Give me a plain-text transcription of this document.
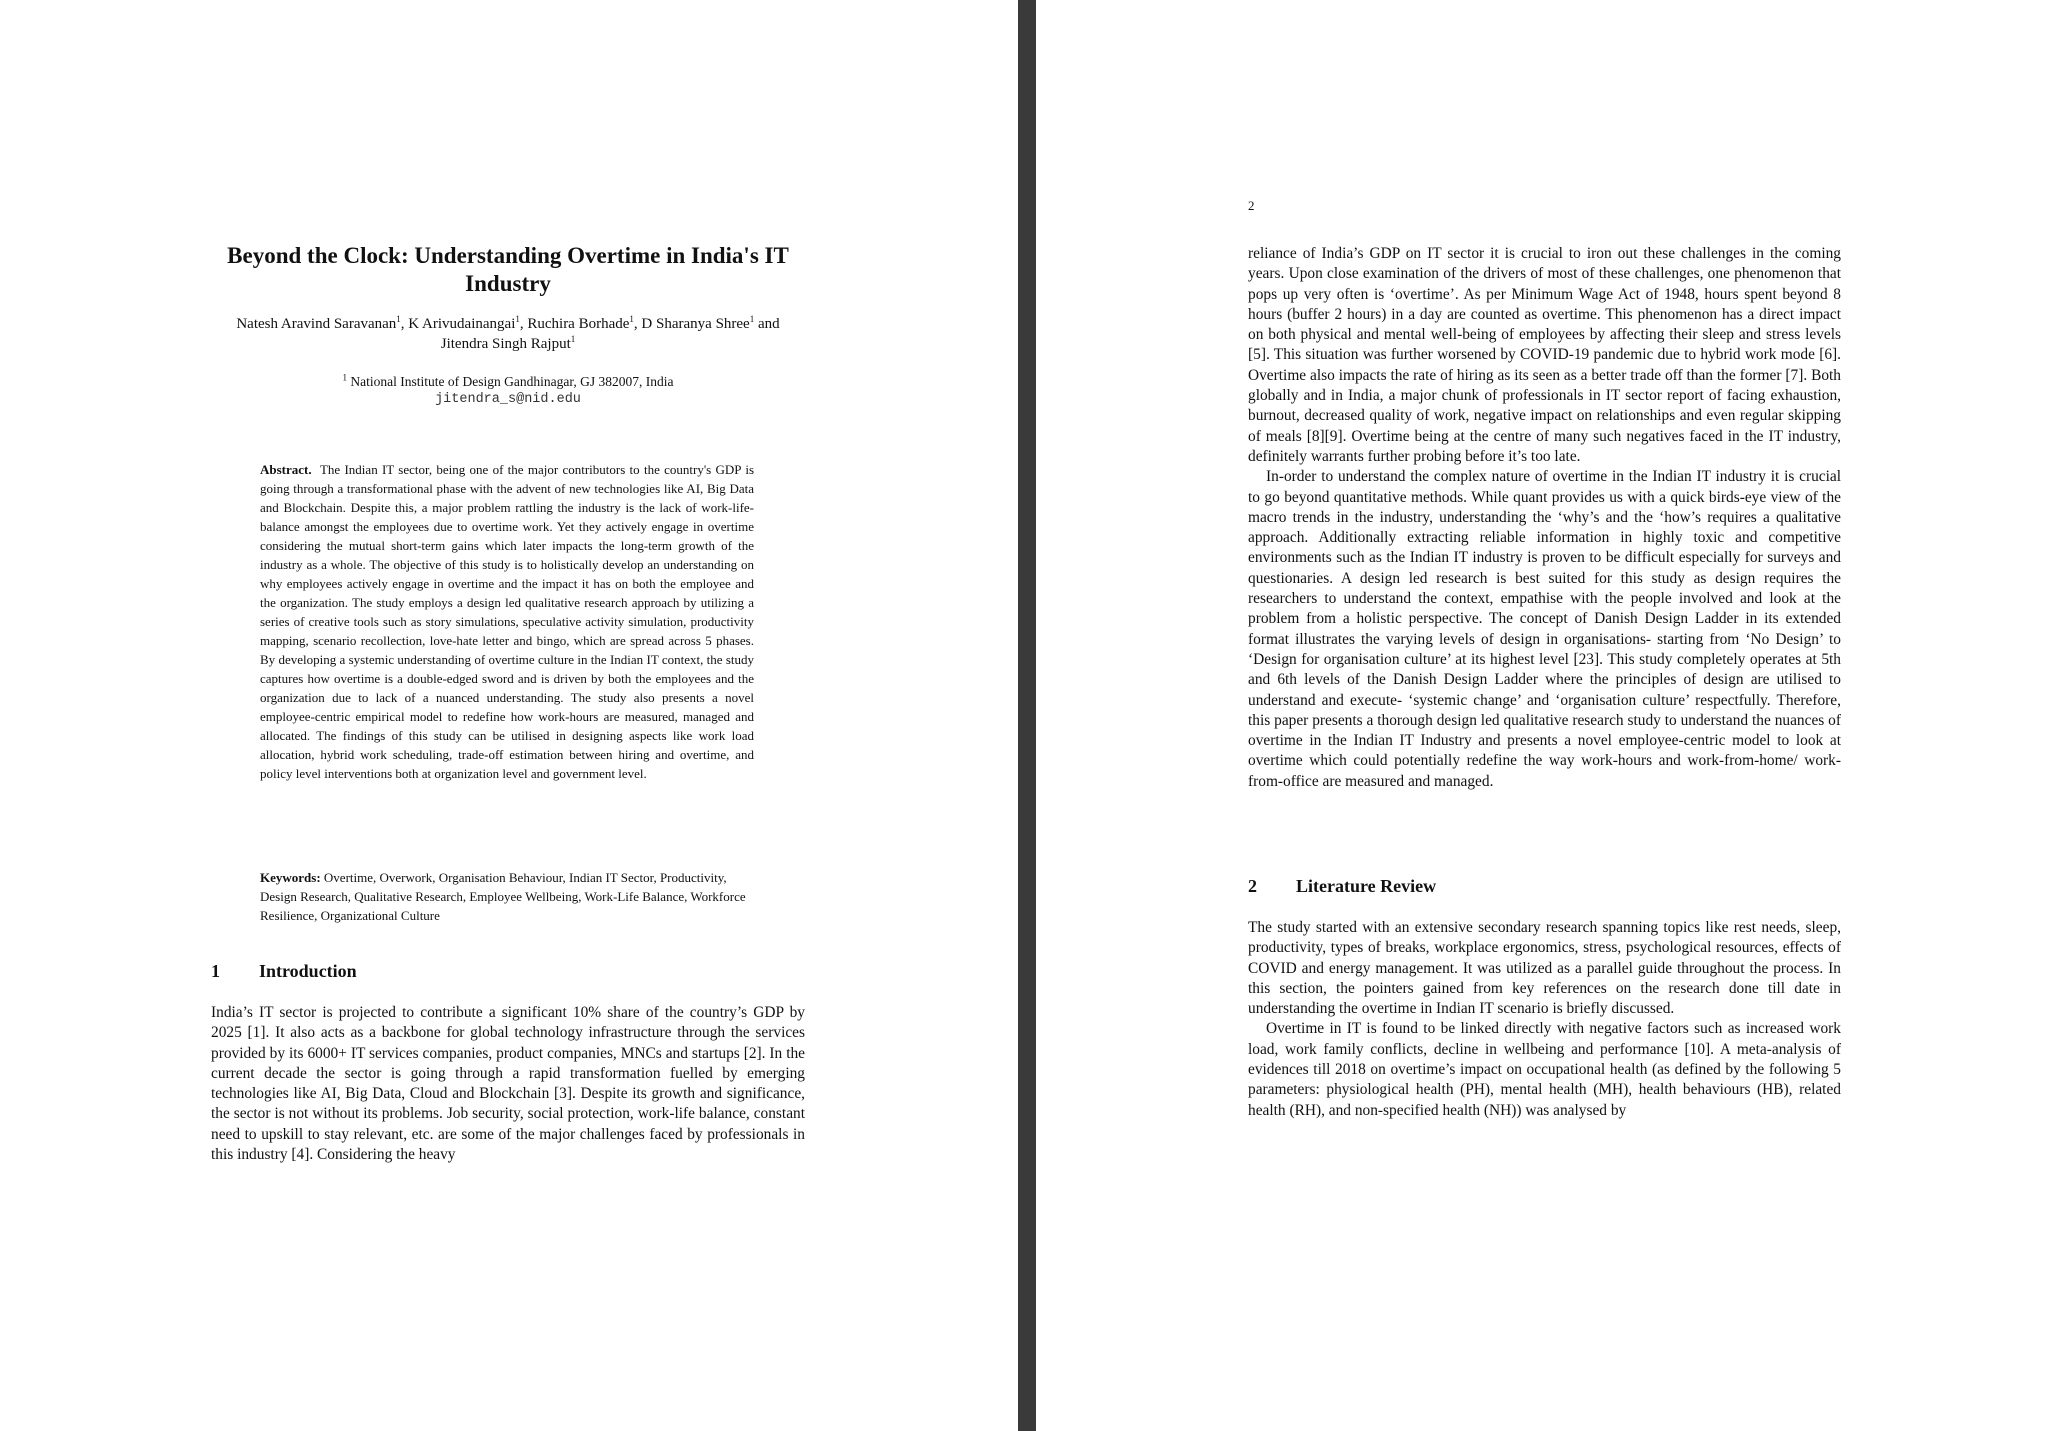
Beyond the Clock: Understanding Overtime in India's IT Industry
Natesh Aravind Saravanan$^1$, K Arivudainangai$^1$, Ruchira Borhade$^1$, D Sharanya Shree$^1$ and Jitendra Singh Rajput$^1$
$^1$ National Institute of Design Gandhinagar, GJ 382007, India
jitendra_s@nid.edu
Abstract. The Indian IT sector, being one of the major contributors to the country's GDP is going through a transformational phase with the advent of new technologies like AI, Big Data and Blockchain. Despite this, a major problem rattling the industry is the lack of work-life-balance amongst the employees due to overtime work. Yet they actively engage in overtime considering the mutual short-term gains which later impacts the long-term growth of the industry as a whole. The objective of this study is to holistically develop an understanding on why employees actively engage in overtime and the impact it has on both the employee and the organization. The study employs a design led qualitative research approach by utilizing a series of creative tools such as story simulations, speculative activity simulation, productivity mapping, scenario recollection, love-hate letter and bingo, which are spread across 5 phases. By developing a systemic understanding of overtime culture in the Indian IT context, the study captures how overtime is a double-edged sword and is driven by both the employees and the organization due to lack of a nuanced understanding. The study also presents a novel employee-centric empirical model to redefine how work-hours are measured, managed and allocated. The findings of this study can be utilised in designing aspects like work load allocation, hybrid work scheduling, trade-off estimation between hiring and overtime, and policy level interventions both at organization level and government level.
Keywords: Overtime, Overwork, Organisation Behaviour, Indian IT Sector, Productivity, Design Research, Qualitative Research, Employee Wellbeing, Work-Life Balance, Workforce Resilience, Organizational Culture
1 Introduction

India’s IT sector is projected to contribute a significant 10% share of the country’s GDP by 2025 [1]. It also acts as a backbone for global technology infrastructure through the services provided by its 6000+ IT services companies, product companies, MNCs and startups [2]. In the current decade the sector is going through a rapid transformation fuelled by emerging technologies like AI, Big Data, Cloud and Blockchain [3]. Despite its growth and significance, the sector is not without its problems. Job security, social protection, work-life balance, constant need to upskill to stay relevant, etc. are some of the major challenges faced by professionals in this industry [4]. Considering the heavy

2

reliance of India’s GDP on IT sector it is crucial to iron out these challenges in the coming years. Upon close examination of the drivers of most of these challenges, one phenomenon that pops up very often is ‘overtime’. As per Minimum Wage Act of 1948, hours spent beyond 8 hours (buffer 2 hours) in a day are counted as overtime. This phenomenon has a direct impact on both physical and mental well-being of employees by affecting their sleep and stress levels [5]. This situation was further worsened by COVID-19 pandemic due to hybrid work mode [6]. Overtime also impacts the rate of hiring as its seen as a better trade off than the former [7]. Both globally and in India, a major chunk of professionals in IT sector report of facing exhaustion, burnout, decreased quality of work, negative impact on relationships and even regular skipping of meals [8][9]. Overtime being at the centre of many such negatives faced in the IT industry, definitely warrants further probing before it’s too late.

In-order to understand the complex nature of overtime in the Indian IT industry it is crucial to go beyond quantitative methods. While quant provides us with a quick birds-eye view of the macro trends in the industry, understanding the ‘why’s and the ‘how’s requires a qualitative approach. Additionally extracting reliable information in highly toxic and competitive environments such as the Indian IT industry is proven to be difficult especially for surveys and questionaries. A design led research is best suited for this study as design requires the researchers to understand the context, empathise with the people involved and look at the problem from a holistic perspective. The concept of Danish Design Ladder in its extended format illustrates the varying levels of design in organisations- starting from ‘No Design’ to ‘Design for organisation culture’ at its highest level [23]. This study completely operates at 5th and 6th levels of the Danish Design Ladder where the principles of design are utilised to understand and execute- ‘systemic change’ and ‘organisation culture’ respectfully. Therefore, this paper presents a thorough design led qualitative research study to understand the nuances of overtime in the Indian IT Industry and presents a novel employee-centric model to look at overtime which could potentially redefine the way work-hours and work-from-home/ work-from-office are measured and managed.

2 Literature Review

The study started with an extensive secondary research spanning topics like rest needs, sleep, productivity, types of breaks, workplace ergonomics, stress, psychological resources, effects of COVID and energy management. It was utilized as a parallel guide throughout the process. In this section, the pointers gained from key references on the research done till date in understanding the overtime in Indian IT scenario is briefly discussed.

Overtime in IT is found to be linked directly with negative factors such as increased work load, work family conflicts, decline in wellbeing and performance [10]. A meta-analysis of evidences till 2018 on overtime’s impact on occupational health (as defined by the following 5 parameters: physiological health (PH), mental health (MH), health behaviours (HB), related health (RH), and non-specified health (NH)) was analysed by
